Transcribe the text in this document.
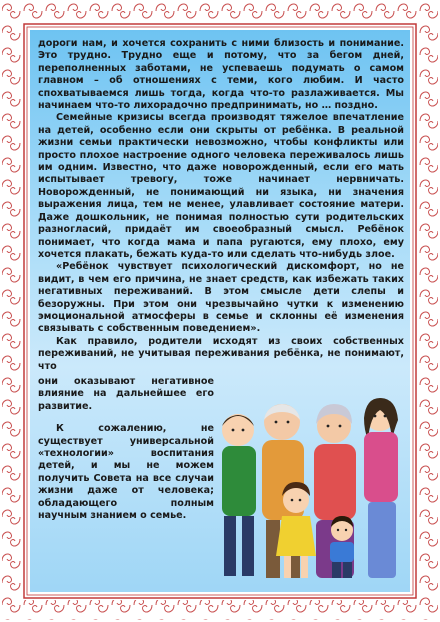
дороги нам, и хочется сохранить с ними близость и понимание. Это трудно. Трудно еще и потому, что за бегом дней, переполненных заботами, не успеваешь подумать о самом главном – об отношениях с теми, кого любим. И часто спохватываемся лишь тогда, когда что-то разлаживается. Мы начинаем что-то лихорадочно предпринимать, но … поздно.

Семейные кризисы всегда производят тяжелое впечатление на детей, особенно если они скрыты от ребёнка. В реальной жизни семьи практически невозможно, чтобы конфликты или просто плохое настроение одного человека переживалось лишь им одним. Известно, что даже новорожденный, если его мать испытывает тревогу, тоже начинает нервничать. Новорожденный, не понимающий ни языка, ни значения выражения лица, тем не менее, улавливает состояние матери. Даже дошкольник, не понимая полностью сути родительских разногласий, придаёт им своеобразный смысл. Ребёнок понимает, что когда мама и папа ругаются, ему плохо, ему хочется плакать, бежать куда-то или сделать что-нибудь злое.

«Ребёнок чувствует психологический дискомфорт, но не видит, в чем его причина, не знает средств, как избежать таких негативных переживаний. В этом смысле дети слепы и безоружны. При этом они чрезвычайно чутки к изменению эмоциональной атмосферы в семье и склонны её изменения связывать с собственным поведением».

Как правило, родители исходят из своих собственных переживаний, не учитывая переживания ребёнка, не понимают, что

они оказывают негативное влияние на дальнейшее его развитие.

К сожалению, не существует универсальной «технологии» воспитания детей, и мы не можем получить Совета на все случаи жизни даже от человека; обладающего полным научным знанием о семье.
